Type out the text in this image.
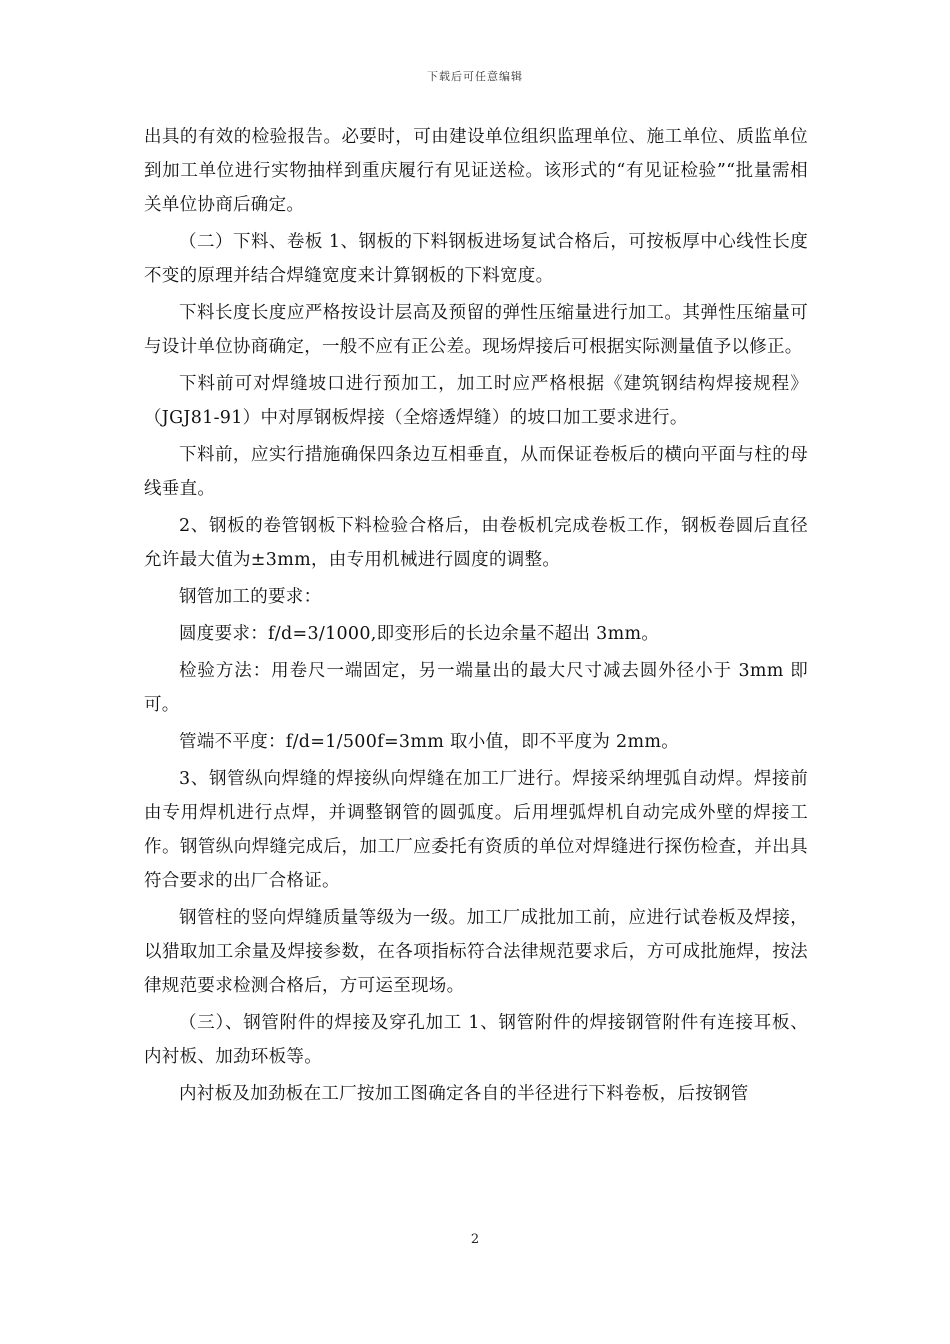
下载后可任意编辑

出具的有效的检验报告。必要时，可由建设单位组织监理单位、施工单位、质监单位到加工单位进行实物抽样到重庆履行有见证送检。该形式的“有见证检验”“批量需相关单位协商后确定。

（二）下料、卷板 1、钢板的下料钢板进场复试合格后，可按板厚中心线性长度不变的原理并结合焊缝宽度来计算钢板的下料宽度。

下料长度长度应严格按设计层高及预留的弹性压缩量进行加工。其弹性压缩量可与设计单位协商确定，一般不应有正公差。现场焊接后可根据实际测量值予以修正。

下料前可对焊缝坡口进行预加工，加工时应严格根据《建筑钢结构焊接规程》（JGJ81-91）中对厚钢板焊接（全熔透焊缝）的坡口加工要求进行。

下料前，应实行措施确保四条边互相垂直，从而保证卷板后的横向平面与柱的母线垂直。

2、钢板的卷管钢板下料检验合格后，由卷板机完成卷板工作，钢板卷圆后直径允许最大值为±3mm，由专用机械进行圆度的调整。

钢管加工的要求：

圆度要求：f/d=3/1000,即变形后的长边余量不超出 3mm。

检验方法：用卷尺一端固定，另一端量出的最大尺寸减去圆外径小于 3mm 即可。

管端不平度：f/d=1/500f=3mm 取小值，即不平度为 2mm。

3、钢管纵向焊缝的焊接纵向焊缝在加工厂进行。焊接采纳埋弧自动焊。焊接前由专用焊机进行点焊，并调整钢管的圆弧度。后用埋弧焊机自动完成外壁的焊接工作。钢管纵向焊缝完成后，加工厂应委托有资质的单位对焊缝进行探伤检查，并出具符合要求的出厂合格证。

钢管柱的竖向焊缝质量等级为一级。加工厂成批加工前，应进行试卷板及焊接，以猎取加工余量及焊接参数，在各项指标符合法律规范要求后，方可成批施焊，按法律规范要求检测合格后，方可运至现场。

（三）、钢管附件的焊接及穿孔加工 1、钢管附件的焊接钢管附件有连接耳板、内衬板、加劲环板等。

内衬板及加劲板在工厂按加工图确定各自的半径进行下料卷板，后按钢管

2
